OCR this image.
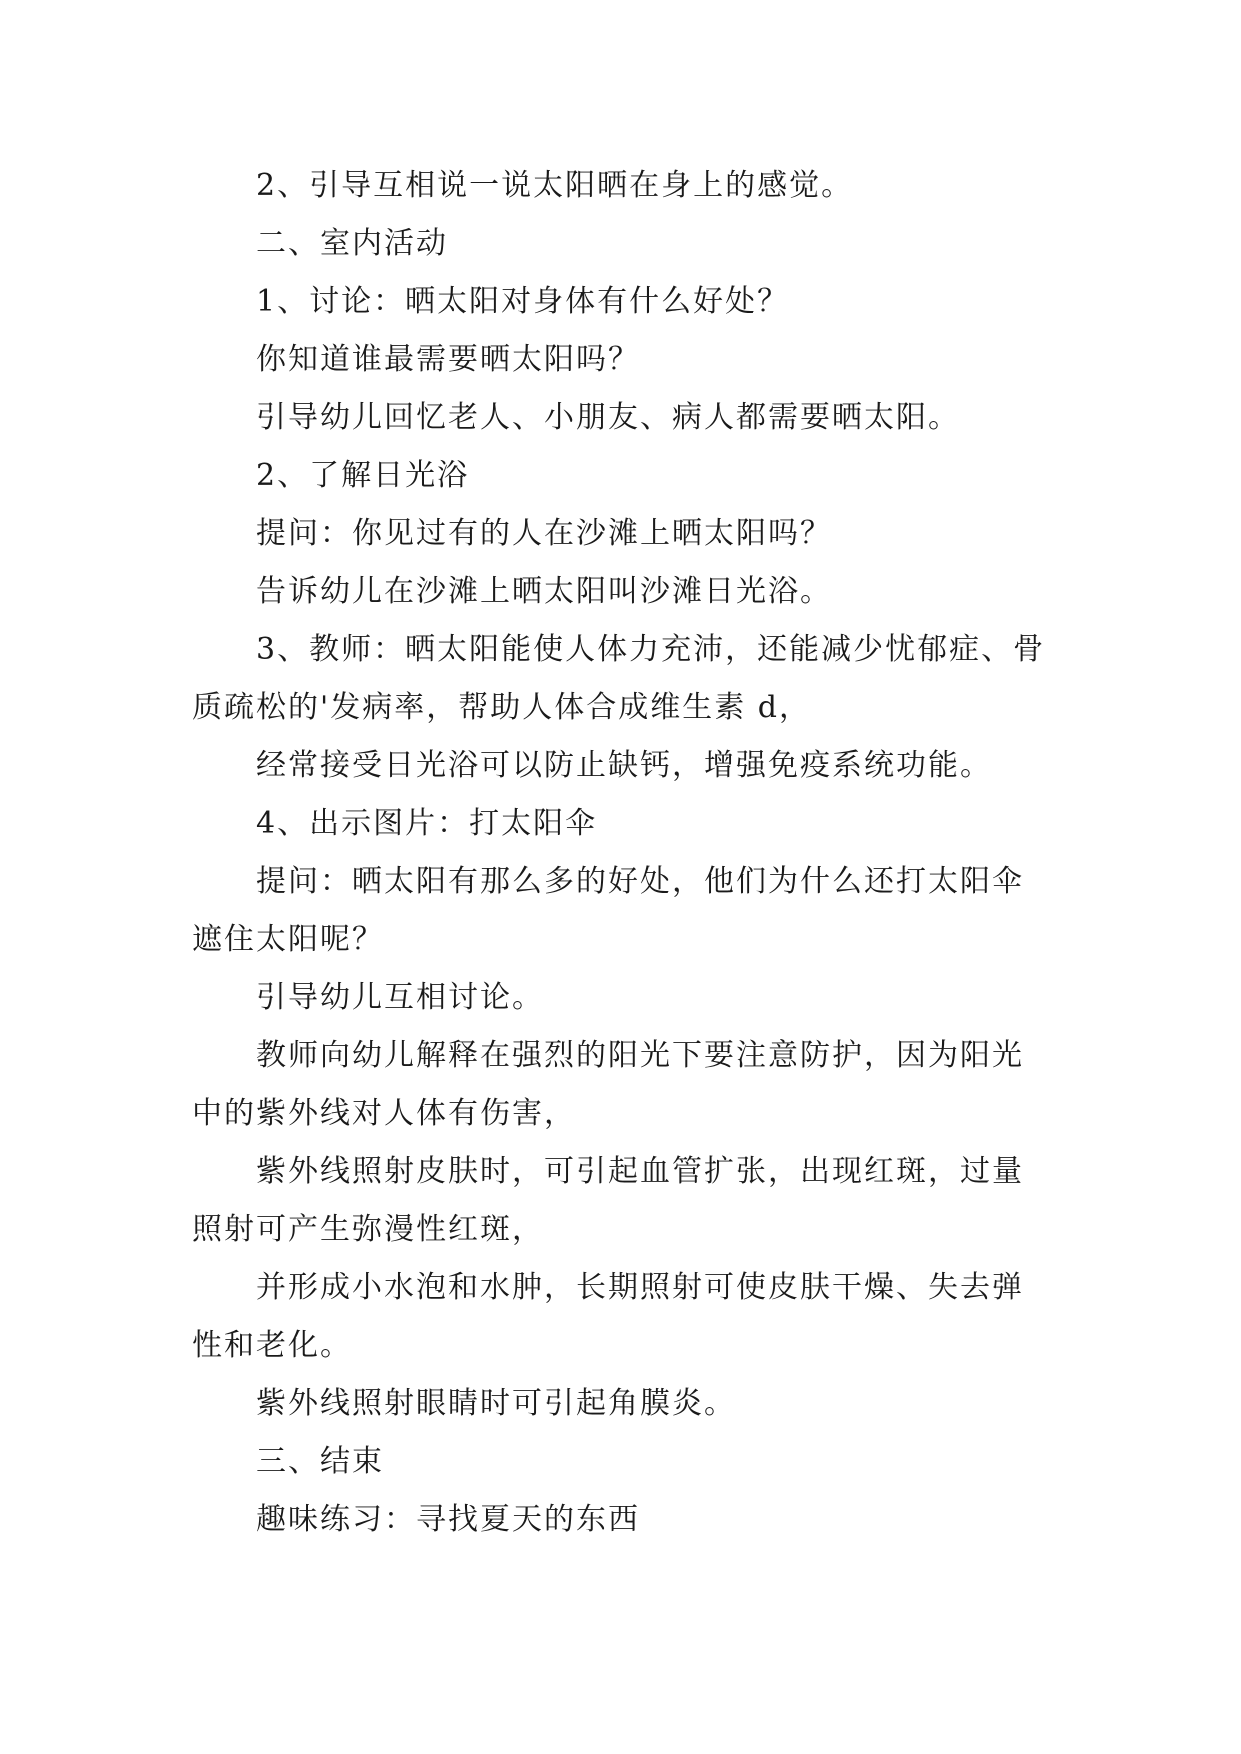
2、引导互相说一说太阳晒在身上的感觉。

二、室内活动

1、讨论：晒太阳对身体有什么好处？

你知道谁最需要晒太阳吗？

引导幼儿回忆老人、小朋友、病人都需要晒太阳。

2、了解日光浴

提问：你见过有的人在沙滩上晒太阳吗？

告诉幼儿在沙滩上晒太阳叫沙滩日光浴。

3、教师：晒太阳能使人体力充沛，还能减少忧郁症、骨质疏松的'发病率，帮助人体合成维生素 d，

经常接受日光浴可以防止缺钙，增强免疫系统功能。

4、出示图片：打太阳伞

提问：晒太阳有那么多的好处，他们为什么还打太阳伞遮住太阳呢？

引导幼儿互相讨论。

教师向幼儿解释在强烈的阳光下要注意防护，因为阳光中的紫外线对人体有伤害，

紫外线照射皮肤时，可引起血管扩张，出现红斑，过量照射可产生弥漫性红斑，

并形成小水泡和水肿，长期照射可使皮肤干燥、失去弹性和老化。

紫外线照射眼睛时可引起角膜炎。

三、结束

趣味练习：寻找夏天的东西
